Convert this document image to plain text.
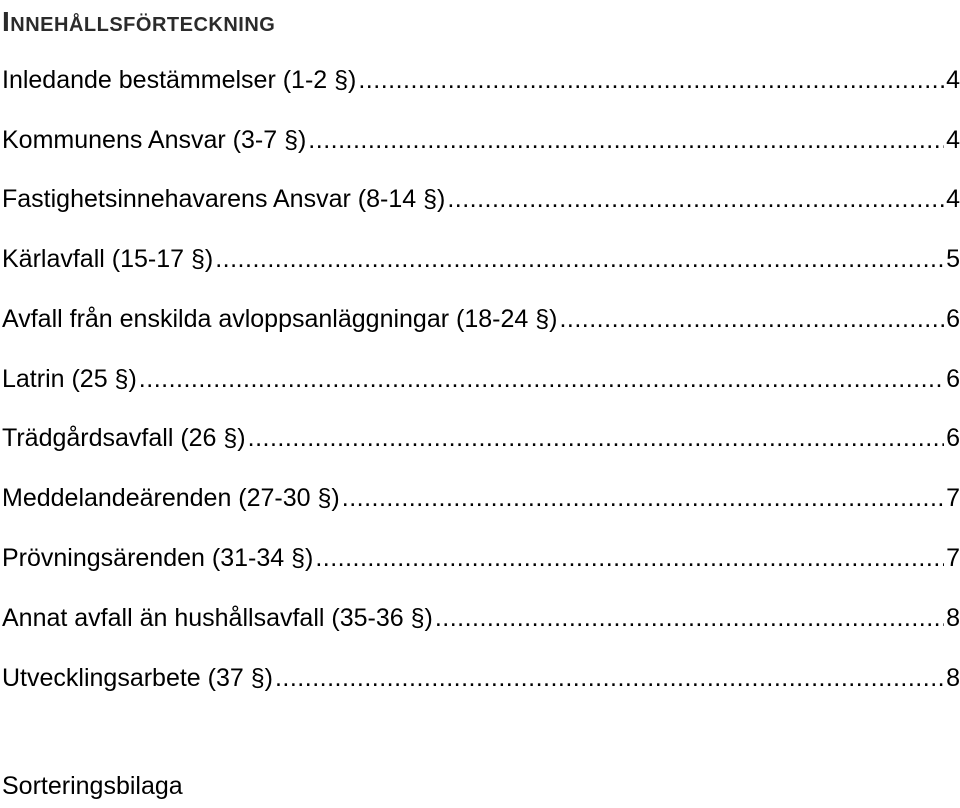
Innehållsförteckning
Inledande bestämmelser (1-2 §) .....	4
Kommunens Ansvar (3-7 §) .....	4
Fastighetsinnehavarens Ansvar (8-14 §) .....	4
Kärlavfall (15-17 §) .....	5
Avfall från enskilda avloppsanläggningar (18-24 §) .....	6
Latrin (25 §) .....	6
Trädgårdsavfall (26 §) .....	6
Meddelandeärenden (27-30 §) .....	7
Prövningsärenden (31-34 §) .....	7
Annat avfall än hushållsavfall (35-36 §) .....	8
Utvecklingsarbete (37 §) .....	8
Sorteringsbilaga
